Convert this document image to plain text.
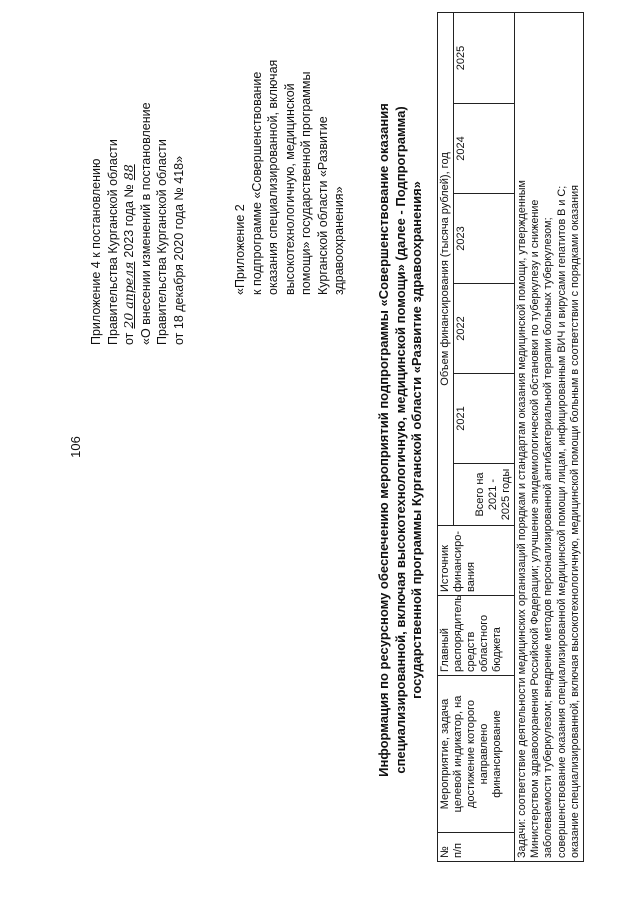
106
Приложение 4 к постановлению Правительства Курганской области от20 апреля2023 года №88 «О внесении изменений в постановление Правительства Курганской области от 18 декабря 2020 года № 418»	«Приложение 2 к подпрограмме «Совершенствование оказания специализированной, включая высокотехнологичную, медицинской помощи» государственной программы Курганской области «Развитие здравоохранения» Информация по ресурсному обеспечению мероприятий подпрограммы «Совершенствование оказания специализированной, включая высокотехнологичную, медицинской помощи» (далее - Подпрограмма) государственной программы Курганской области «Развитие здравоохранения»
№ п/п	Мероприятие, задача целевой индикатор, на достижение которого направлено финансирование	Главный распорядитель средств областного бюджета	Источник финансиро-вания	Объем финансирования (тысяча рублей), год					
				Всего на 2021 - 2025 годы	2021	2022	2023	2024	2025

Задачи: соответствие деятельности медицинских организаций порядкам и стандартам оказания медицинской помощи, утвержденным Министерством здравоохранения Российской Федерации; улучшение эпидемиологической обстановки по туберкулезу и снижение заболеваемости туберкулезом; внедрение методов персонализированной антибактериальной терапии больных туберкулезом; совершенствование оказания специализированной медицинской помощи лицам, инфицированным ВИЧ и вирусами гепатитов В и С; оказание специализированной, включая высокотехнологичную, медицинской помощи больным в соответствии с порядками оказания									
